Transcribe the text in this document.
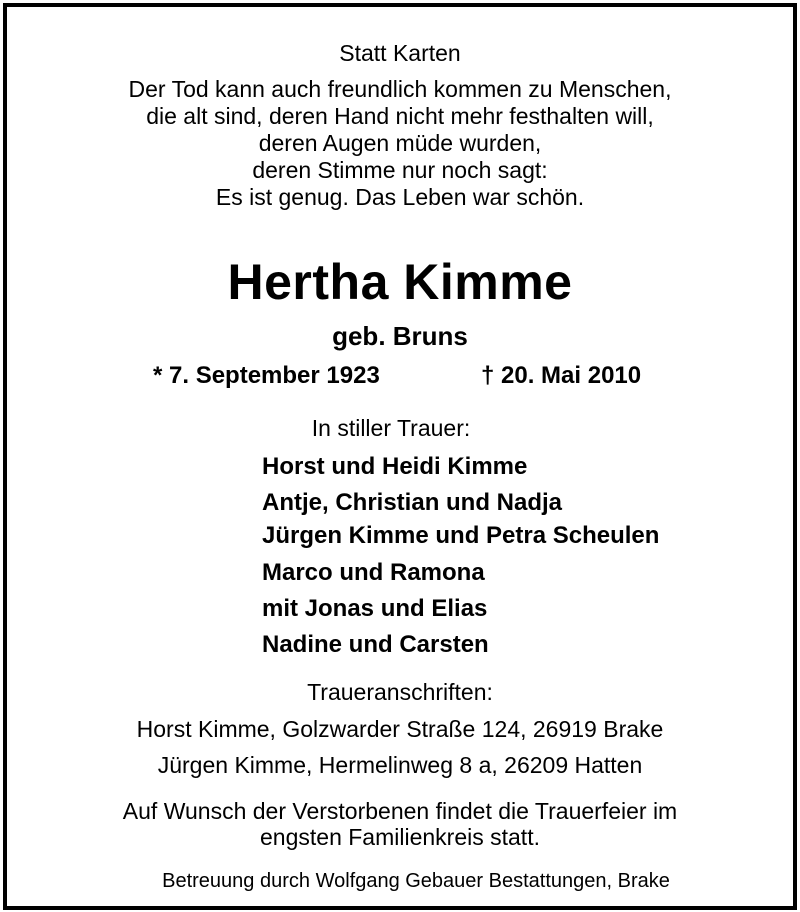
Statt Karten
Der Tod kann auch freundlich kommen zu Menschen,
die alt sind, deren Hand nicht mehr festhalten will,
deren Augen müde wurden,
deren Stimme nur noch sagt:
Es ist genug. Das Leben war schön.
Hertha Kimme
geb. Bruns
* 7. September 1923	† 20. Mai 2010
In stiller Trauer:
Horst und Heidi Kimme
Antje, Christian und Nadja
Jürgen Kimme und Petra Scheulen
Marco und Ramona
mit Jonas und Elias
Nadine und Carsten
Traueranschriften:
Horst Kimme, Golzwarder Straße 124, 26919 Brake
Jürgen Kimme, Hermelinweg 8 a, 26209 Hatten
Auf Wunsch der Verstorbenen findet die Trauerfeier im
engsten Familienkreis statt.
Betreuung durch Wolfgang Gebauer Bestattungen, Brake
